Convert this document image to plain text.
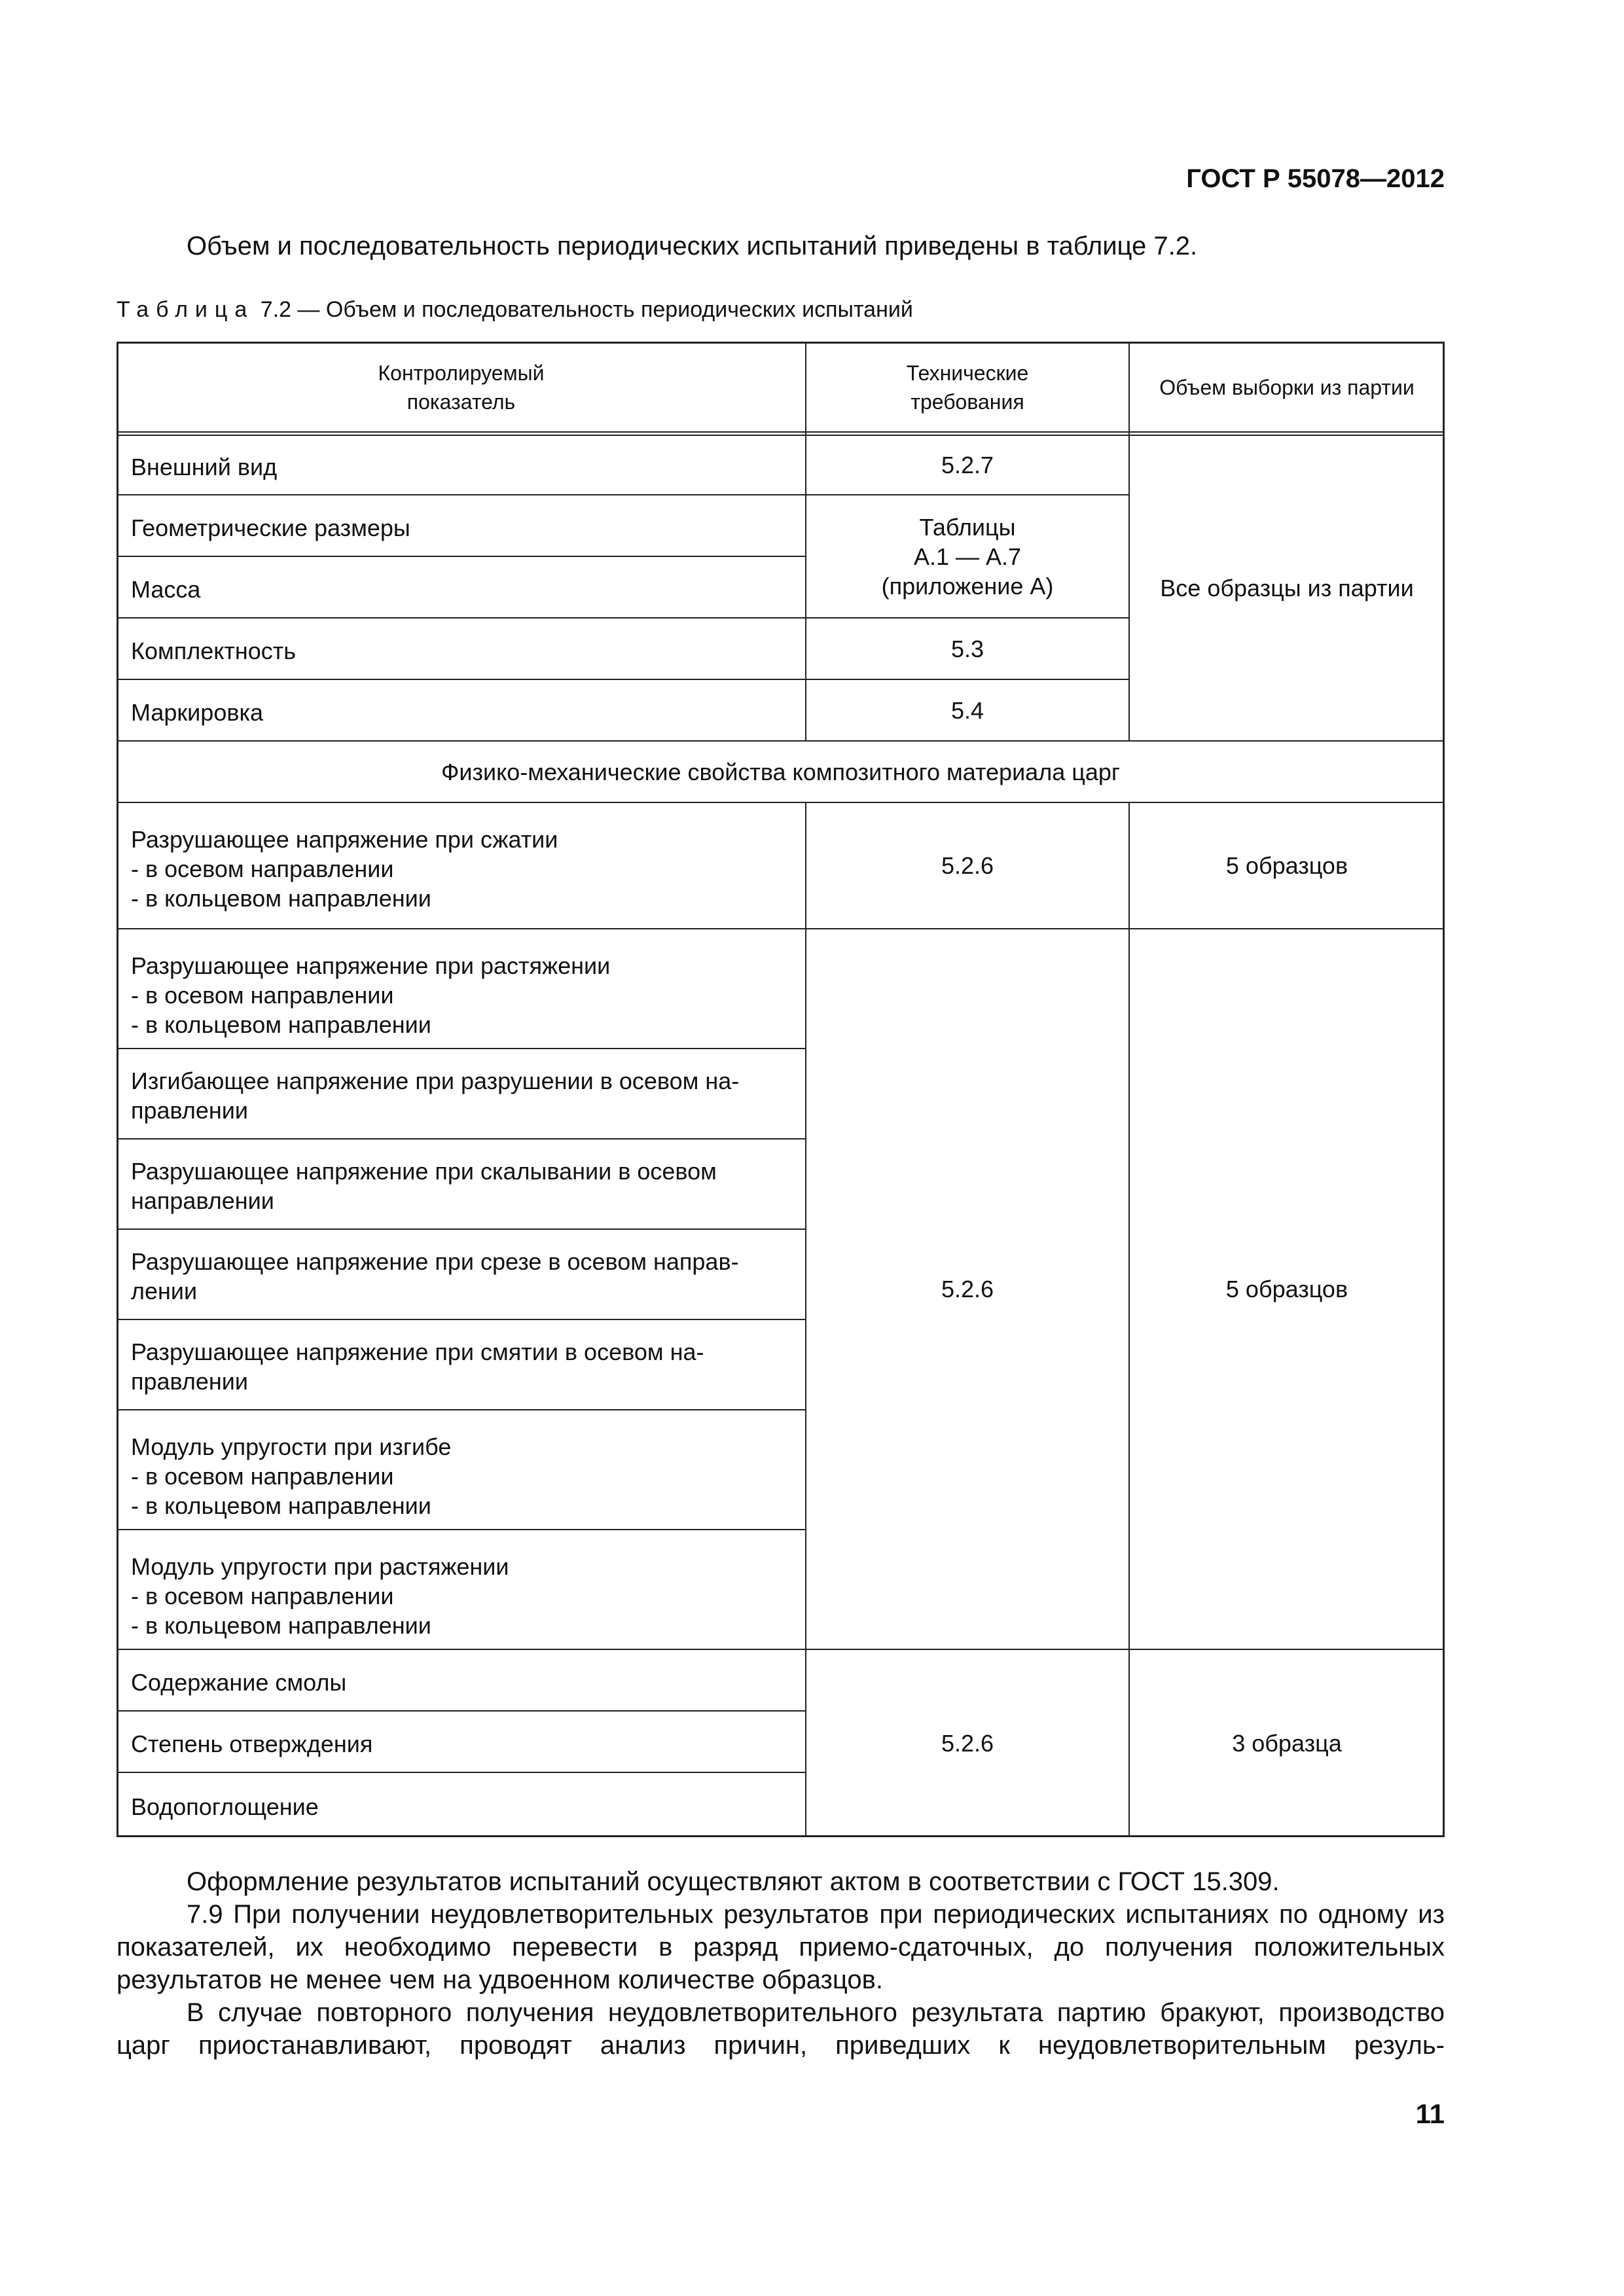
ГОСТ Р 55078—2012
Объем и последовательность периодических испытаний приведены в таблице 7.2.
Таблица 7.2 — Объем и последовательность периодических испытаний
Контролируемый
показатель
Технические
требования
Объем выборки из партии
Внешний вид
Геометрические размеры
Масса
Комплектность
Маркировка
Физико-механические свойства композитного материала царг
Разрушающее напряжение при сжатии
- в осевом направлении
- в кольцевом направлении
Разрушающее напряжение при растяжении
- в осевом направлении
- в кольцевом направлении
Изгибающее напряжение при разрушении в осевом на-
правлении
Разрушающее напряжение при скалывании в осевом
направлении
Разрушающее напряжение при срезе в осевом направ-
лении
Разрушающее напряжение при смятии в осевом на-
правлении
Модуль упругости при изгибе
- в осевом направлении
- в кольцевом направлении
Модуль упругости при растяжении
- в осевом направлении
- в кольцевом направлении
Содержание смолы
Степень отверждения
Водопоглощение
5.2.7
Таблицы
А.1 — А.7
(приложение А)
5.3
5.4
5.2.6
5.2.6
5.2.6
Все образцы из партии
5 образцов
5 образцов
3 образца

Оформление результатов испытаний осуществляют актом в соответствии с ГОСТ 15.309.

7.9 При получении неудовлетворительных результатов при периодических испытаниях по одному из показателей, их необходимо перевести в разряд приемо-сдаточных, до получения положительных результатов не менее чем на удвоенном количестве образцов.

В случае повторного получения неудовлетворительного результата партию бракуют, производство царг приостанавливают, проводят анализ причин, приведших к неудовлетворительным резуль-

11
